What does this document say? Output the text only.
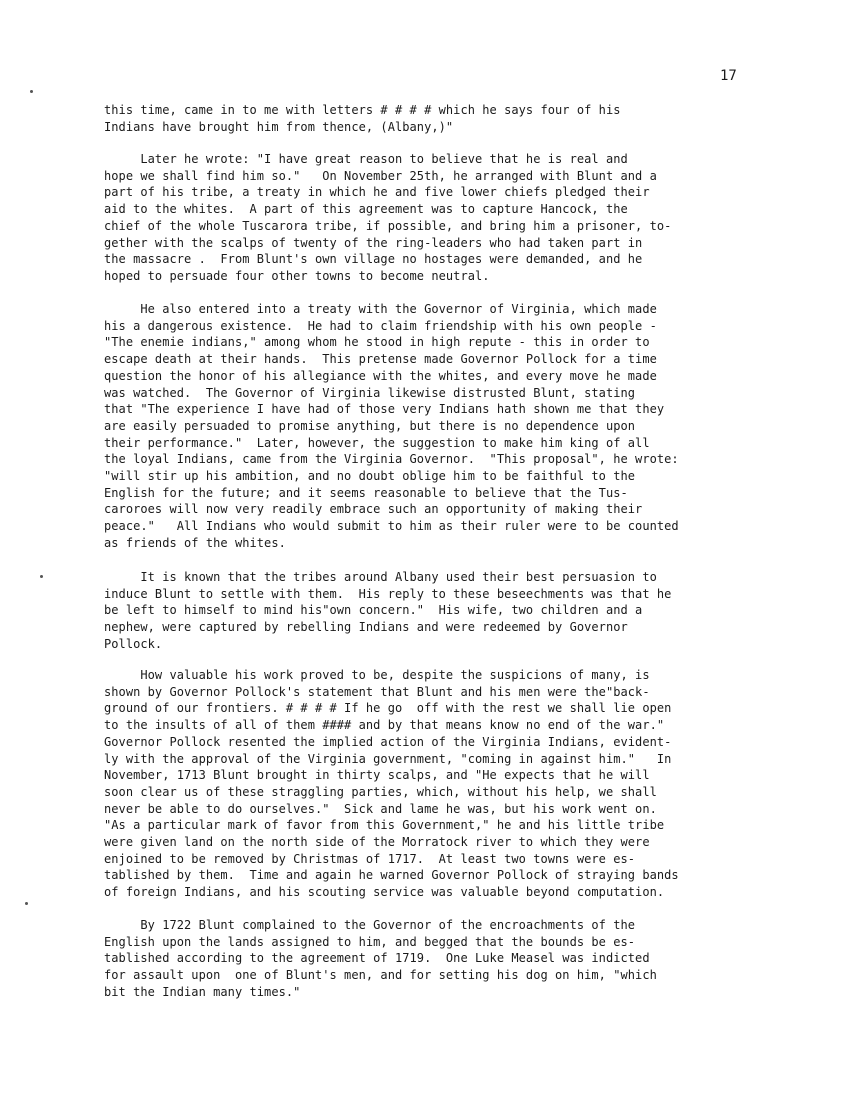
17

this time, came in to me with letters # # # # which he says four of his
Indians have brought him from thence, (Albany,)"

Later he wrote: "I have great reason to believe that he is real and
hope we shall find him so."   On November 25th, he arranged with Blunt and a
part of his tribe, a treaty in which he and five lower chiefs pledged their
aid to the whites.  A part of this agreement was to capture Hancock, the
chief of the whole Tuscarora tribe, if possible, and bring him a prisoner, to-
gether with the scalps of twenty of the ring-leaders who had taken part in
the massacre .  From Blunt's own village no hostages were demanded, and he
hoped to persuade four other towns to become neutral.

He also entered into a treaty with the Governor of Virginia, which made
his a dangerous existence.  He had to claim friendship with his own people -
"The enemie indians," among whom he stood in high repute - this in order to
escape death at their hands.  This pretense made Governor Pollock for a time
question the honor of his allegiance with the whites, and every move he made
was watched.  The Governor of Virginia likewise distrusted Blunt, stating
that "The experience I have had of those very Indians hath shown me that they
are easily persuaded to promise anything, but there is no dependence upon
their performance."  Later, however, the suggestion to make him king of all
the loyal Indians, came from the Virginia Governor.  "This proposal", he wrote:
"will stir up his ambition, and no doubt oblige him to be faithful to the
English for the future; and it seems reasonable to believe that the Tus-
caroroes will now very readily embrace such an opportunity of making their
peace."   All Indians who would submit to him as their ruler were to be counted
as friends of the whites.

It is known that the tribes around Albany used their best persuasion to
induce Blunt to settle with them.  His reply to these beseechments was that he
be left to himself to mind his"own concern."  His wife, two children and a
nephew, were captured by rebelling Indians and were redeemed by Governor
Pollock.

How valuable his work proved to be, despite the suspicions of many, is
shown by Governor Pollock's statement that Blunt and his men were the"back-
ground of our frontiers. # # # # If he go  off with the rest we shall lie open
to the insults of all of them #### and by that means know no end of the war."
Governor Pollock resented the implied action of the Virginia Indians, evident-
ly with the approval of the Virginia government, "coming in against him."   In
November, 1713 Blunt brought in thirty scalps, and "He expects that he will
soon clear us of these straggling parties, which, without his help, we shall
never be able to do ourselves."  Sick and lame he was, but his work went on.
"As a particular mark of favor from this Government," he and his little tribe
were given land on the north side of the Morratock river to which they were
enjoined to be removed by Christmas of 1717.  At least two towns were es-
tablished by them.  Time and again he warned Governor Pollock of straying bands
of foreign Indians, and his scouting service was valuable beyond computation.

By 1722 Blunt complained to the Governor of the encroachments of the
English upon the lands assigned to him, and begged that the bounds be es-
tablished according to the agreement of 1719.  One Luke Measel was indicted
for assault upon  one of Blunt's men, and for setting his dog on him, "which
bit the Indian many times."
